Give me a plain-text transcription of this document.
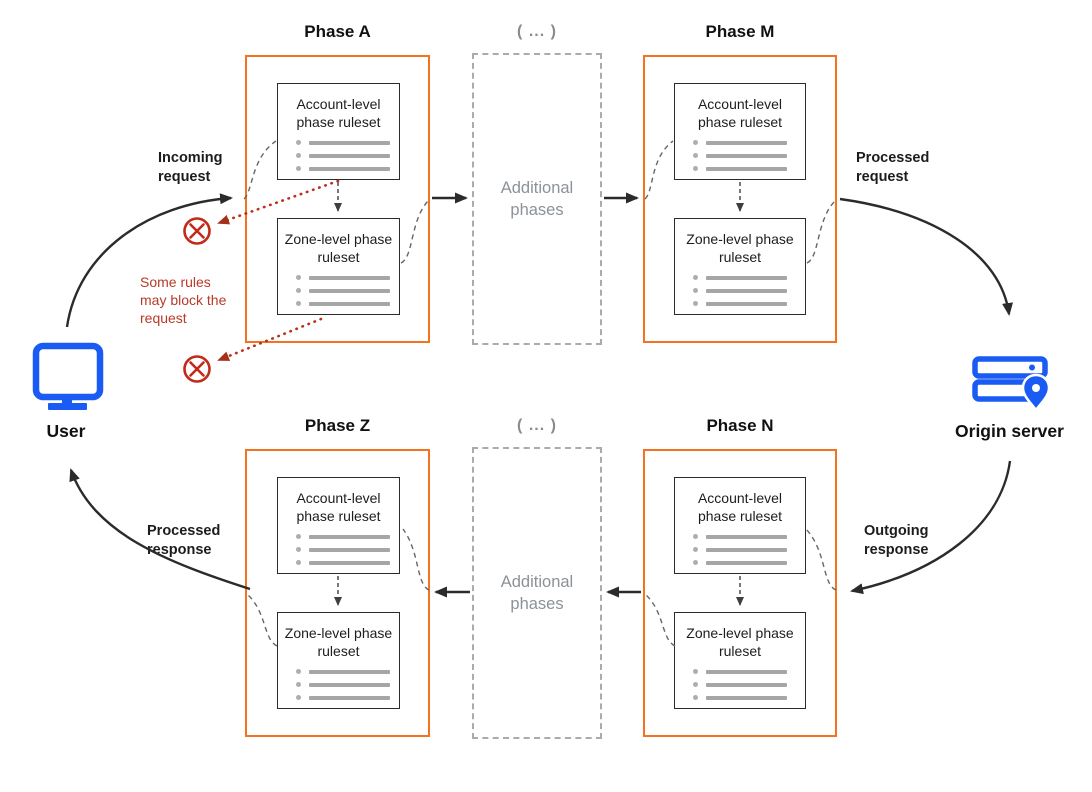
Phase A	( ... )	Phase M
Phase Z	( ... )	Phase N
Account-level phase ruleset
Zone-level phase ruleset
Additional phases
Account-level phase ruleset
Zone-level phase ruleset
Account-level phase ruleset
Zone-level phase ruleset
Additional phases
Account-level phase ruleset
Zone-level phase ruleset
Incoming request
Processed request
Outgoing response
Processed response
Some rules may block the request
User	Origin server
